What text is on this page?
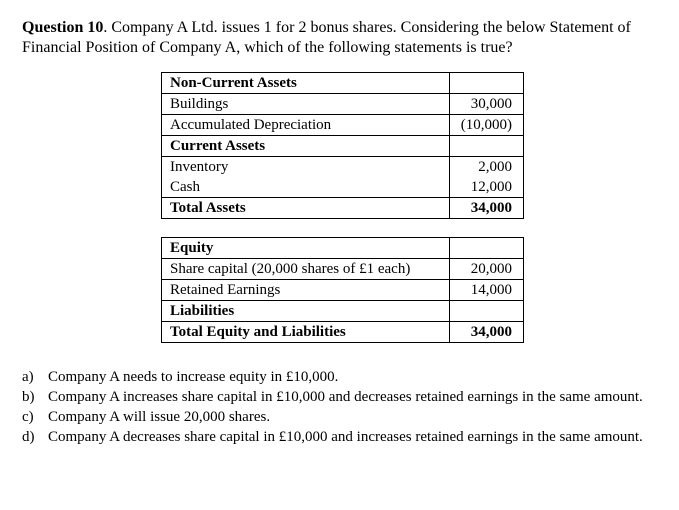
Question 10. Company A Ltd. issues 1 for 2 bonus shares. Considering the below Statement of Financial Position of Company A, which of the following statements is true?
Non-Current Assets	
Buildings	30,000
Accumulated Depreciation	(10,000)
Current Assets	
Inventory	2,000
Cash	12,000
Total Assets	34,000

Equity	
Share capital (20,000 shares of £1 each)	20,000
Retained Earnings	14,000
Liabilities	
Total Equity and Liabilities	34,000
a) Company A needs to increase equity in £10,000.
b) Company A increases share capital in £10,000 and decreases retained earnings in the same amount.
c) Company A will issue 20,000 shares.
d) Company A decreases share capital in £10,000 and increases retained earnings in the same amount.
